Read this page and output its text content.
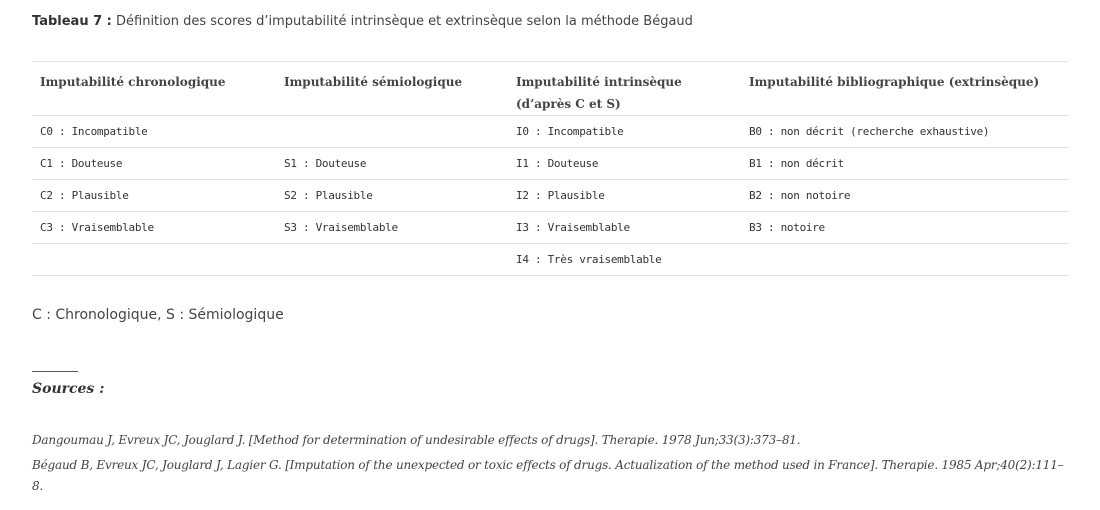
Tableau 7 : Définition des scores d’imputabilité intrinsèque et extrinsèque selon la méthode Bégaud
Imputabilité chronologique	Imputabilité sémiologique	Imputabilité intrinsèque (d’après C et S)	Imputabilité bibliographique (extrinsèque)
C0 : Incompatible		I0 : Incompatible	B0 : non décrit (recherche exhaustive)
C1 : Douteuse	S1 : Douteuse	I1 : Douteuse	B1 : non décrit
C2 : Plausible	S2 : Plausible	I2 : Plausible	B2 : non notoire
C3 : Vraisemblable	S3 : Vraisemblable	I3 : Vraisemblable	B3 : notoire
		I4 : Très vraisemblable	
C : Chronologique, S : Sémiologique
Sources :
Dangoumau J, Evreux JC, Jouglard J. [Method for determination of undesirable effects of drugs]. Therapie. 1978 Jun;33(3):373–81.
Bégaud B, Evreux JC, Jouglard J, Lagier G. [Imputation of the unexpected or toxic effects of drugs. Actualization of the method used in France]. Therapie. 1985 Apr;40(2):111–8.
